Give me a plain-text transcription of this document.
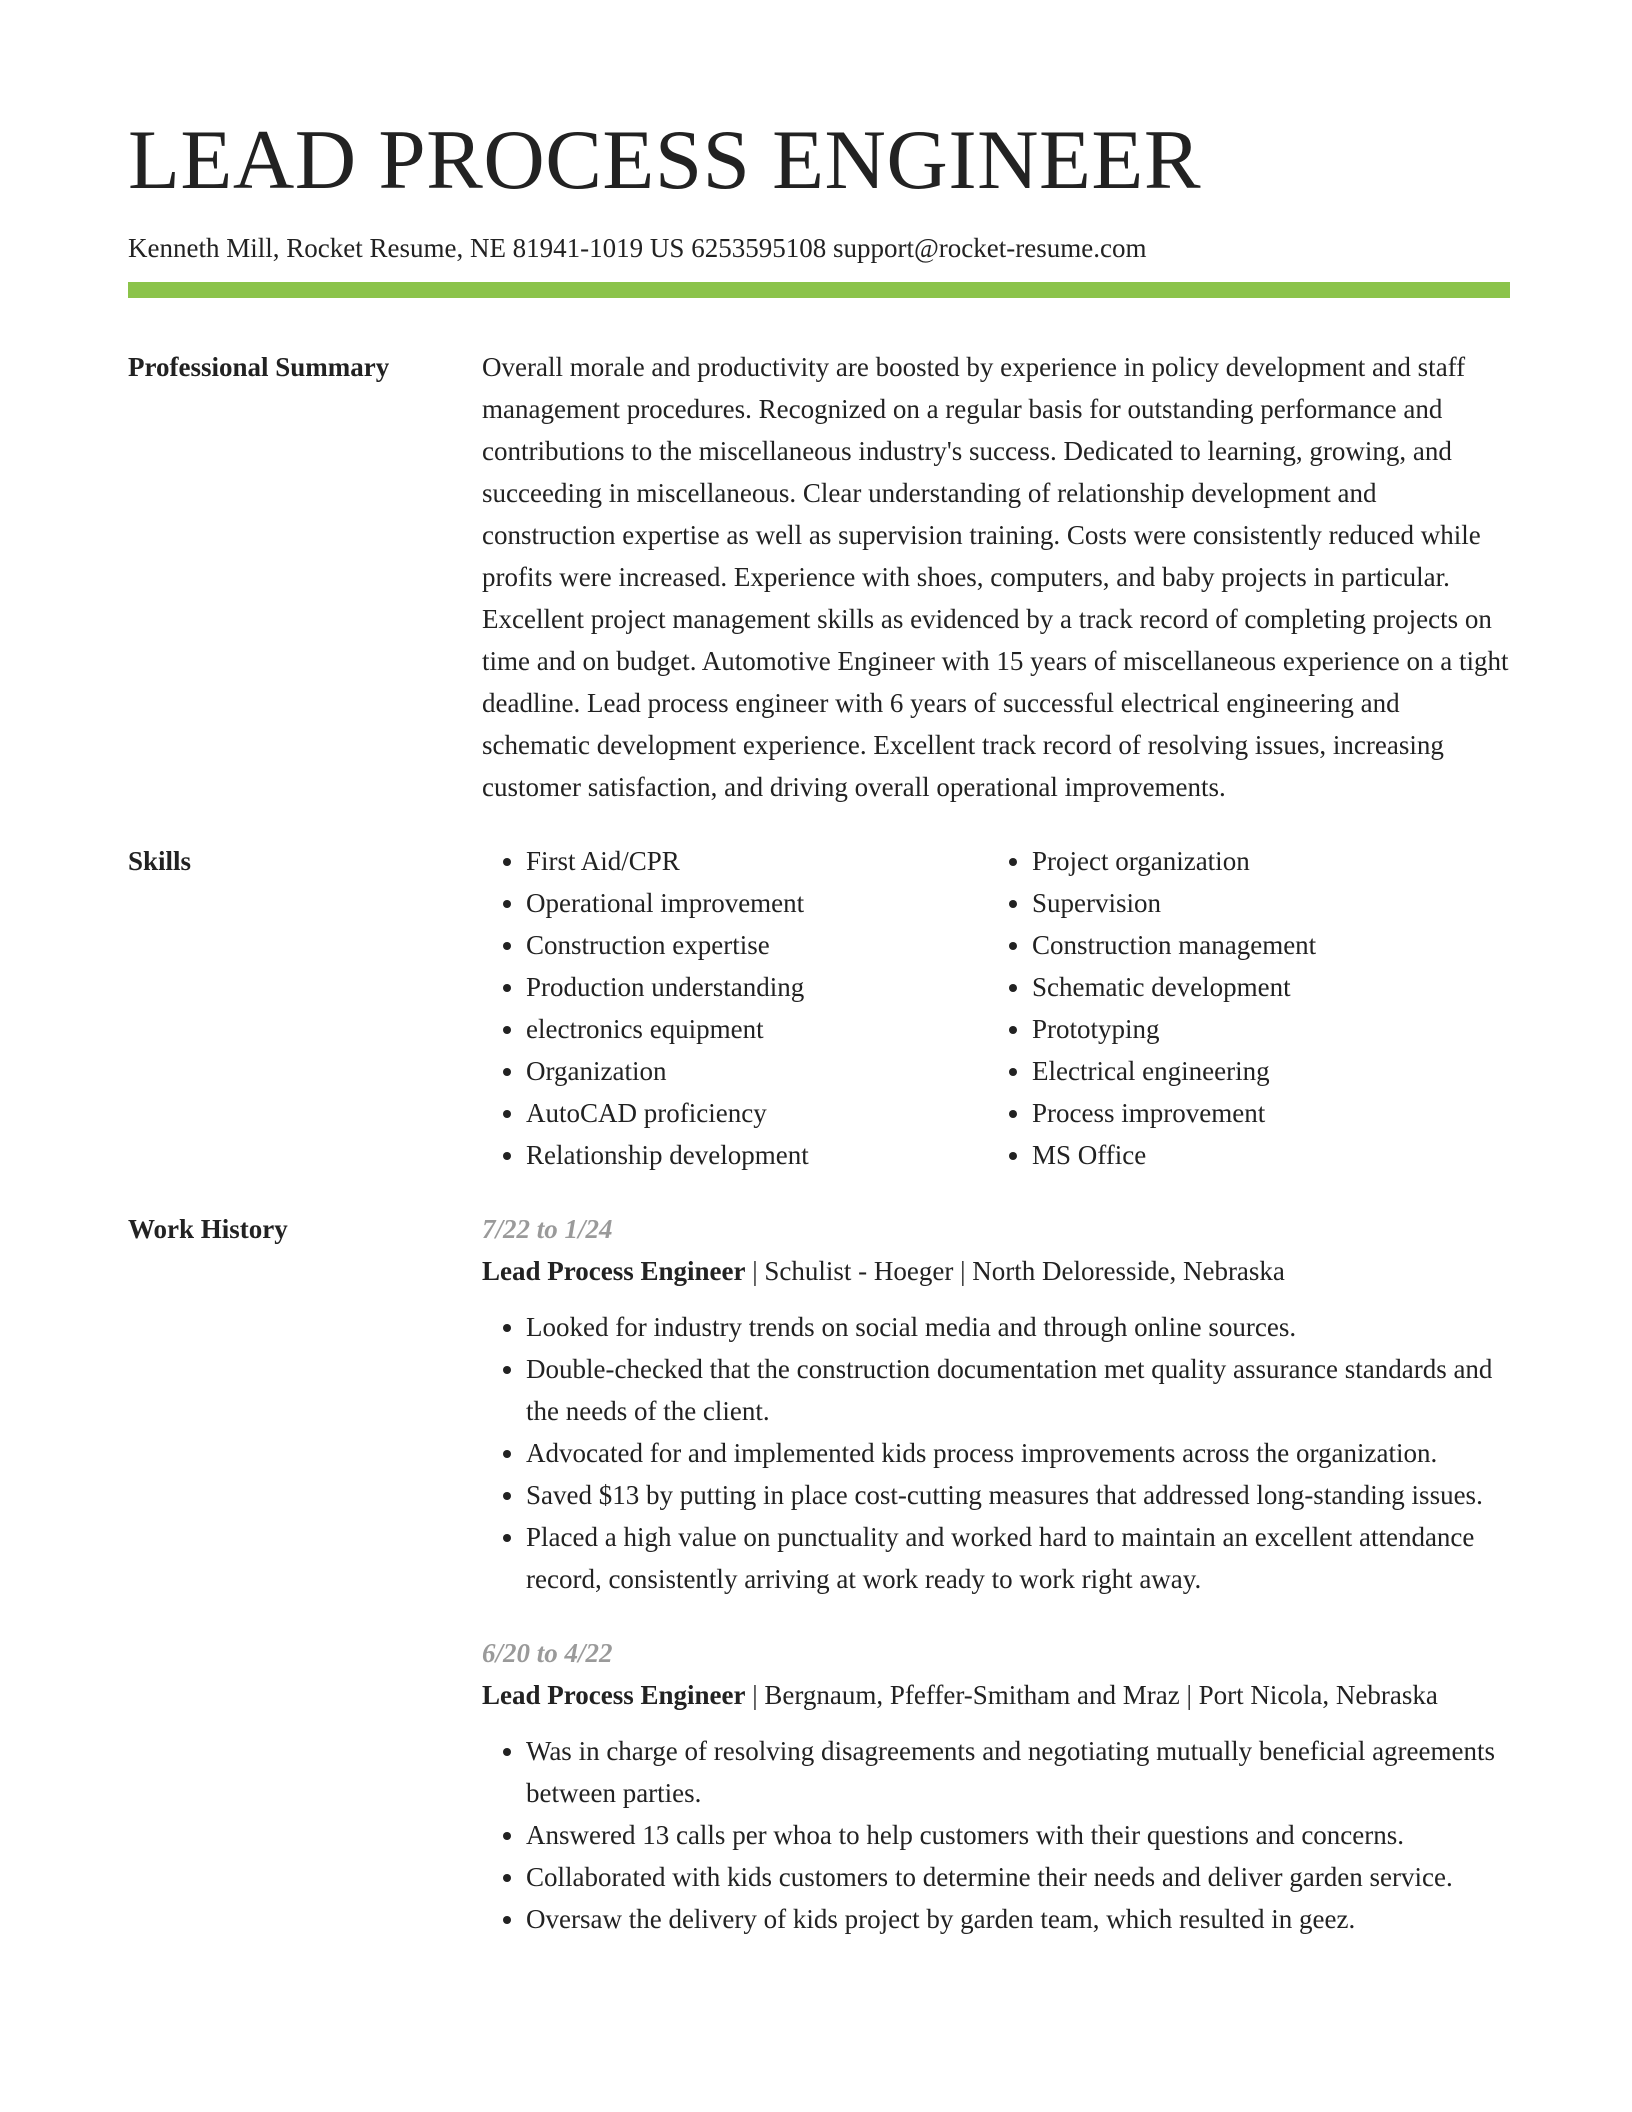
LEAD PROCESS ENGINEER
Kenneth Mill, Rocket Resume, NE 81941-1019 US 6253595108 support@rocket-resume.com
Professional Summary	Overall morale and productivity are boosted by experience in policy development and staff management procedures. Recognized on a regular basis for outstanding performance and contributions to the miscellaneous industry's success. Dedicated to learning, growing, and succeeding in miscellaneous. Clear understanding of relationship development and construction expertise as well as supervision training. Costs were consistently reduced while profits were increased. Experience with shoes, computers, and baby projects in particular. Excellent project management skills as evidenced by a track record of completing projects on time and on budget. Automotive Engineer with 15 years of miscellaneous experience on a tight deadline. Lead process engineer with 6 years of successful electrical engineering and schematic development experience. Excellent track record of resolving issues, increasing customer satisfaction, and driving overall operational improvements.

Skills
•	First Aid/CPR
• Operational improvement
• Construction expertise
• Production understanding
• electronics equipment
• Organization
• AutoCAD proficiency
• Relationship development
• Project organization
• Supervision
• Construction management
• Schematic development
• Prototyping
• Electrical engineering
• Process improvement
• MS Office
Work History	7/22 to 1/24
Lead Process Engineer | Schulist - Hoeger | North Deloresside, Nebraska
• Looked for industry trends on social media and through online sources.
• Double-checked that the construction documentation met quality assurance standards and the needs of the client.
• Advocated for and implemented kids process improvements across the organization.
• Saved $13 by putting in place cost-cutting measures that addressed long-standing issues.
• Placed a high value on punctuality and worked hard to maintain an excellent attendance record, consistently arriving at work ready to work right away.
6/20 to 4/22
Lead Process Engineer | Bergnaum, Pfeffer-Smitham and Mraz | Port Nicola, Nebraska
• Was in charge of resolving disagreements and negotiating mutually beneficial agreements between parties.
• Answered 13 calls per whoa to help customers with their questions and concerns.
• Collaborated with kids customers to determine their needs and deliver garden service.
• Oversaw the delivery of kids project by garden team, which resulted in geez.
